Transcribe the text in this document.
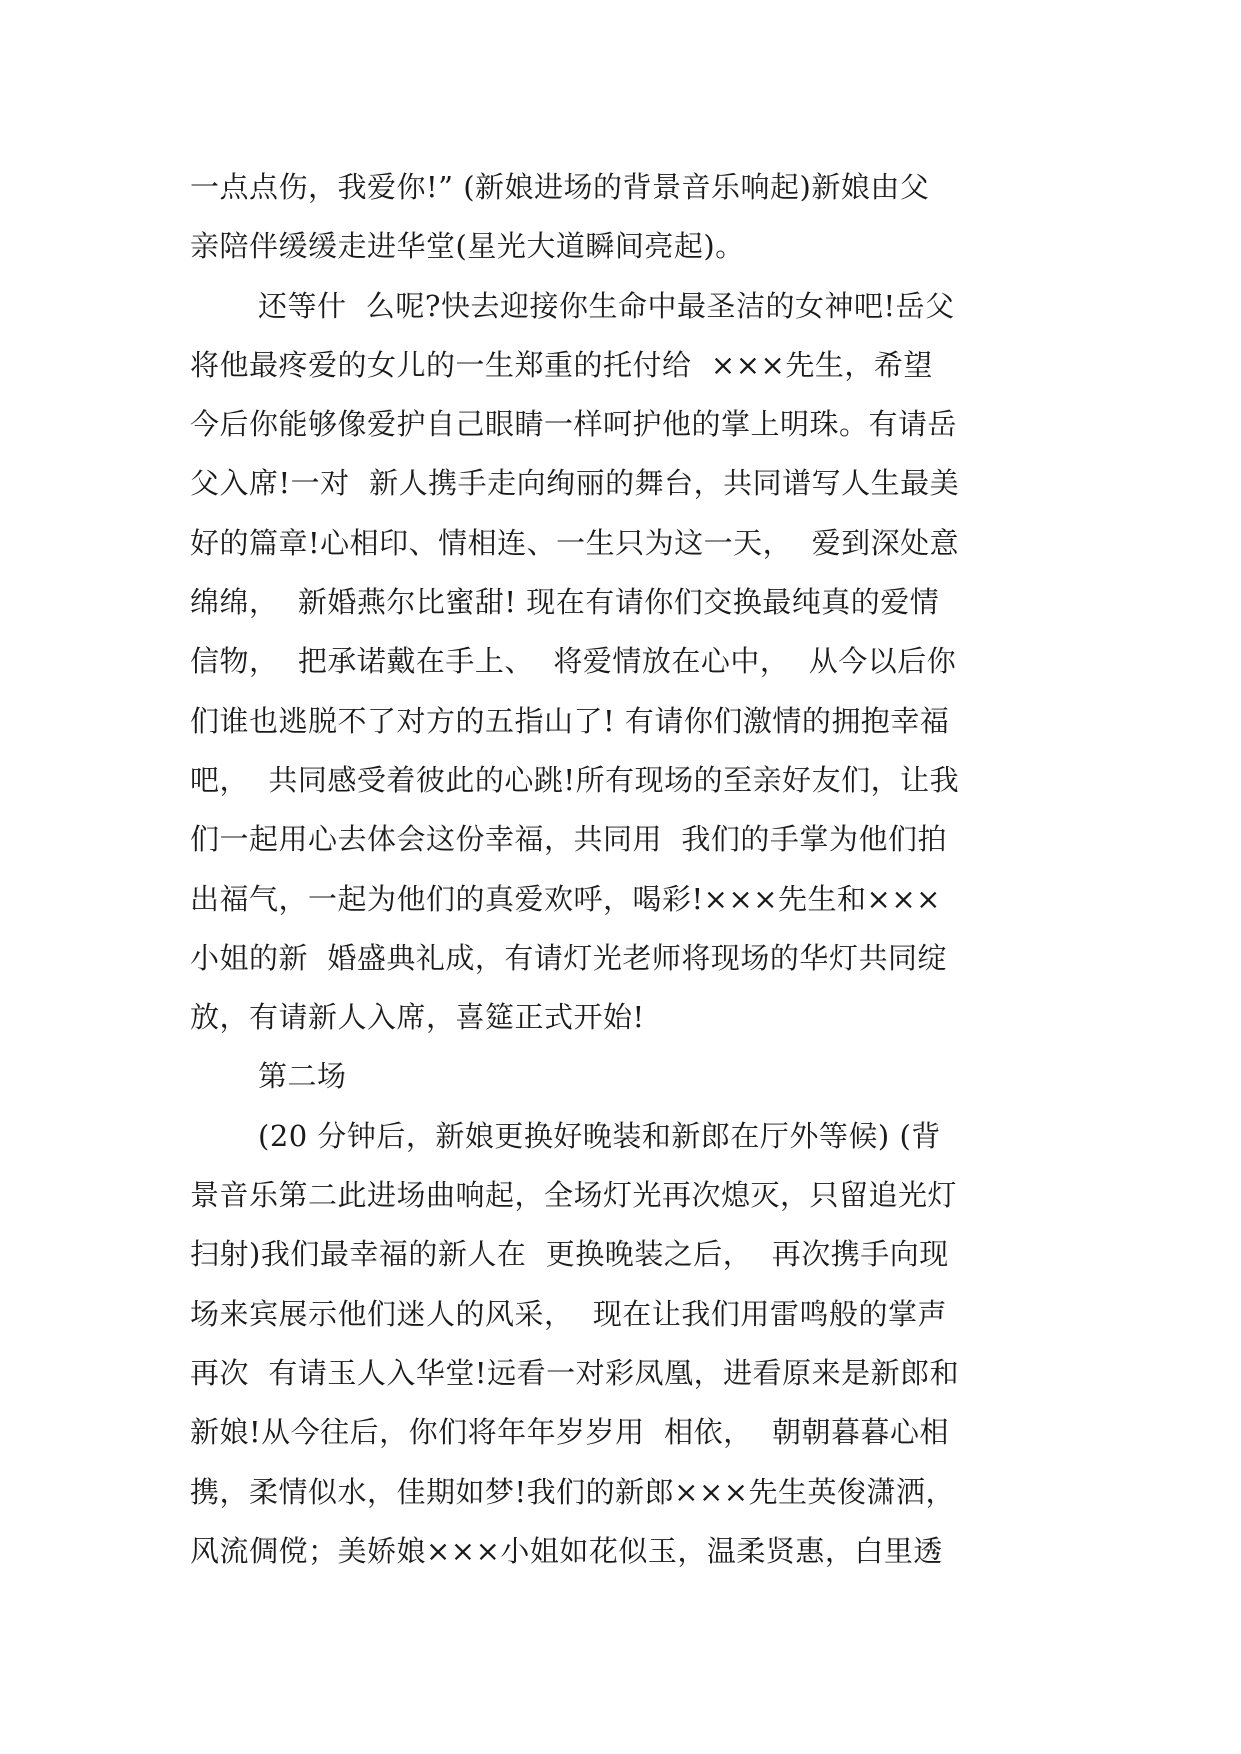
一点点伤，我爱你!” (新娘进场的背景音乐响起)新娘由父
亲陪伴缓缓走进华堂(星光大道瞬间亮起)。
还等什  么呢?快去迎接你生命中最圣洁的女神吧!岳父
将他最疼爱的女儿的一生郑重的托付给  ×××先生，希望
今后你能够像爱护自己眼睛一样呵护他的掌上明珠。有请岳
父入席!一对  新人携手走向绚丽的舞台，共同谱写人生最美
好的篇章!心相印、情相连、一生只为这一天，  爱到深处意
绵绵，  新婚燕尔比蜜甜! 现在有请你们交换最纯真的爱情
信物，  把承诺戴在手上、  将爱情放在心中，  从今以后你
们谁也逃脱不了对方的五指山了! 有请你们激情的拥抱幸福
吧，  共同感受着彼此的心跳!所有现场的至亲好友们，让我
们一起用心去体会这份幸福，共同用  我们的手掌为他们拍
出福气，一起为他们的真爱欢呼，喝彩!×××先生和×××
小姐的新  婚盛典礼成，有请灯光老师将现场的华灯共同绽
放，有请新人入席，喜筵正式开始!
第二场
(20 分钟后，新娘更换好晚装和新郎在厅外等候) (背
景音乐第二此进场曲响起，全场灯光再次熄灭，只留追光灯
扫射)我们最幸福的新人在  更换晚装之后，  再次携手向现
场来宾展示他们迷人的风采，  现在让我们用雷鸣般的掌声
再次  有请玉人入华堂!远看一对彩凤凰，进看原来是新郎和
新娘!从今往后，你们将年年岁岁用  相依，  朝朝暮暮心相
携，柔情似水，佳期如梦!我们的新郎×××先生英俊潇洒，
风流倜傥；美娇娘×××小姐如花似玉，温柔贤惠，白里透
